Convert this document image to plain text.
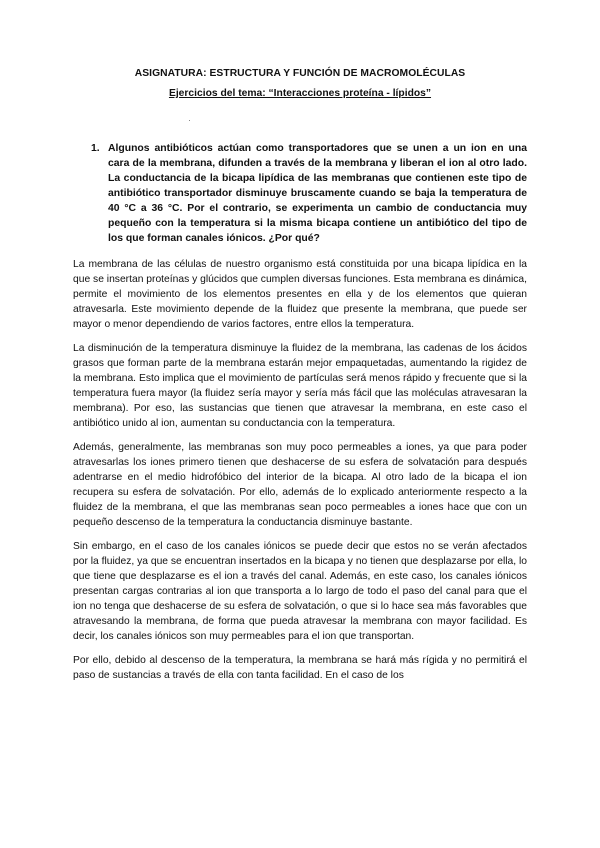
ASIGNATURA: ESTRUCTURA Y FUNCIÓN DE MACROMOLÉCULAS
Ejercicios del tema: “Interacciones proteína - lípidos”
1. Algunos antibióticos actúan como transportadores que se unen a un ion en una cara de la membrana, difunden a través de la membrana y liberan el ion al otro lado. La conductancia de la bicapa lipídica de las membranas que contienen este tipo de antibiótico transportador disminuye bruscamente cuando se baja la temperatura de 40 °C a 36 °C. Por el contrario, se experimenta un cambio de conductancia muy pequeño con la temperatura si la misma bicapa contiene un antibiótico del tipo de los que forman canales iónicos. ¿Por qué?

La membrana de las células de nuestro organismo está constituida por una bicapa lipídica en la que se insertan proteínas y glúcidos que cumplen diversas funciones. Esta membrana es dinámica, permite el movimiento de los elementos presentes en ella y de los elementos que quieran atravesarla. Este movimiento depende de la fluidez que presente la membrana, que puede ser mayor o menor dependiendo de varios factores, entre ellos la temperatura.

La disminución de la temperatura disminuye la fluidez de la membrana, las cadenas de los ácidos grasos que forman parte de la membrana estarán mejor empaquetadas, aumentando la rigidez de la membrana. Esto implica que el movimiento de partículas será menos rápido y frecuente que si la temperatura fuera mayor (la fluidez sería mayor y sería más fácil que las moléculas atravesaran la membrana). Por eso, las sustancias que tienen que atravesar la membrana, en este caso el antibiótico unido al ion, aumentan su conductancia con la temperatura.

Además, generalmente, las membranas son muy poco permeables a iones, ya que para poder atravesarlas los iones primero tienen que deshacerse de su esfera de solvatación para después adentrarse en el medio hidrofóbico del interior de la bicapa. Al otro lado de la bicapa el ion recupera su esfera de solvatación. Por ello, además de lo explicado anteriormente respecto a la fluidez de la membrana, el que las membranas sean poco permeables a iones hace que con un pequeño descenso de la temperatura la conductancia disminuye bastante.

Sin embargo, en el caso de los canales iónicos se puede decir que estos no se verán afectados por la fluidez, ya que se encuentran insertados en la bicapa y no tienen que desplazarse por ella, lo que tiene que desplazarse es el ion a través del canal. Además, en este caso, los canales iónicos presentan cargas contrarias al ion que transporta a lo largo de todo el paso del canal para que el ion no tenga que deshacerse de su esfera de solvatación, o que si lo hace sea más favorables que atravesando la membrana, de forma que pueda atravesar la membrana con mayor facilidad. Es decir, los canales iónicos son muy permeables para el ion que transportan.

Por ello, debido al descenso de la temperatura, la membrana se hará más rígida y no permitirá el paso de sustancias a través de ella con tanta facilidad. En el caso de los
